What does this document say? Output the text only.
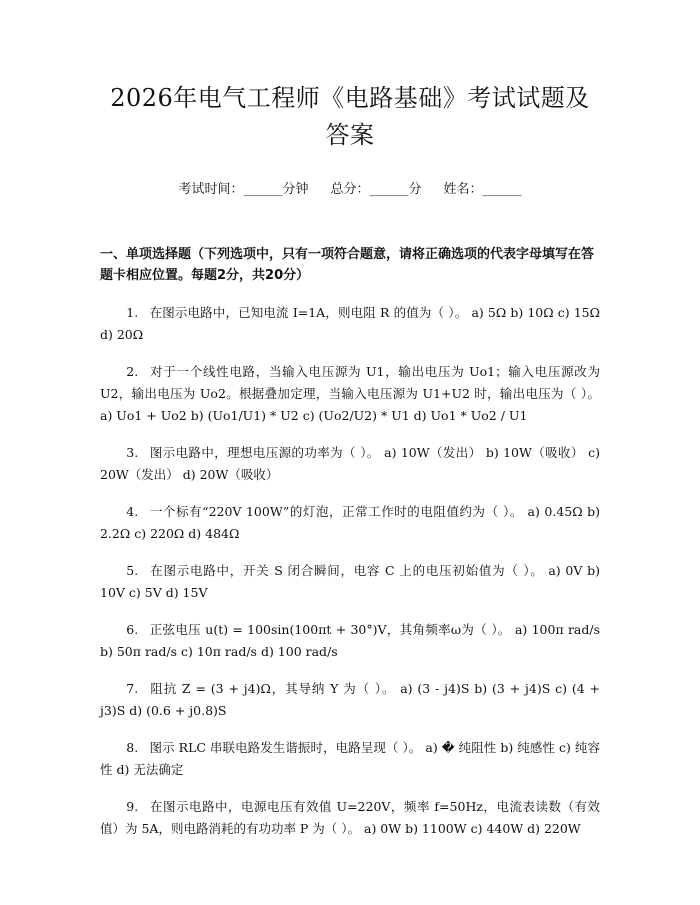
2026年电气工程师《电路基础》考试试题及
答案
考试时间：______分钟 总分：______分 姓名：______
一、单项选择题（下列选项中，只有一项符合题意，请将正确选项的代表字母填写在答题卡相应位置。每题2分，共20分）

1. 在图示电路中，已知电流 I=1A，则电阻 R 的值为（ ）。 a) 5Ω b) 10Ω c) 15Ω d) 20Ω

2. 对于一个线性电路，当输入电压源为 U1，输出电压为 Uo1；输入电压源改为 U2，输出电压为 Uo2。根据叠加定理，当输入电压源为 U1+U2 时，输出电压为（ ）。 a) Uo1 + Uo2 b) (Uo1/U1) * U2 c) (Uo2/U2) * U1 d) Uo1 * Uo2 / U1

3. 图示电路中，理想电压源的功率为（ ）。 a) 10W（发出） b) 10W（吸收） c) 20W（发出） d) 20W（吸收）

4. 一个标有“220V 100W”的灯泡，正常工作时的电阻值约为（ ）。 a) 0.45Ω b) 2.2Ω c) 220Ω d) 484Ω

5. 在图示电路中，开关 S 闭合瞬间，电容 C 上的电压初始值为（ ）。 a) 0V b) 10V c) 5V d) 15V

6. 正弦电压 u(t) = 100sin(100πt + 30°)V，其角频率ω为（ ）。 a) 100π rad/s b) 50π rad/s c) 10π rad/s d) 100 rad/s

7. 阻抗 Z = (3 + j4)Ω，其导纳 Y 为（ ）。 a) (3 - j4)S b) (3 + j4)S c) (4 + j3)S d) (0.6 + j0.8)S

8. 图示 RLC 串联电路发生谐振时，电路呈现（ ）。 a) � 纯阻性 b) 纯感性 c) 纯容性 d) 无法确定

9. 在图示电路中，电源电压有效值 U=220V，频率 f=50Hz，电流表读数（有效值）为 5A，则电路消耗的有功功率 P 为（ ）。 a) 0W b) 1100W c) 440W d) 220W
